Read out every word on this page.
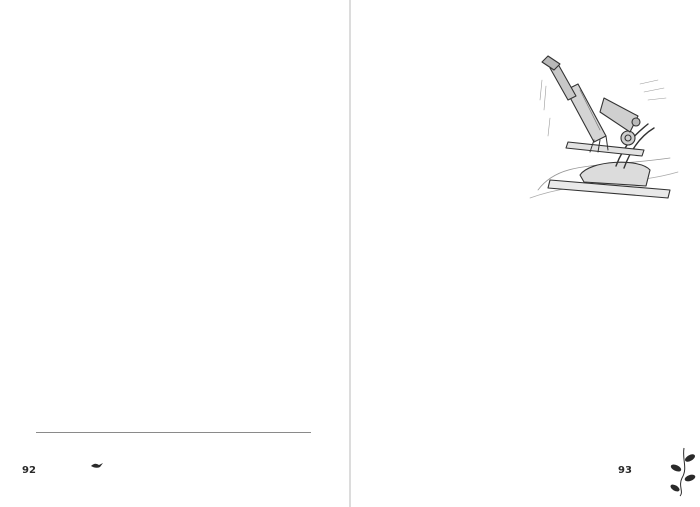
92	93
